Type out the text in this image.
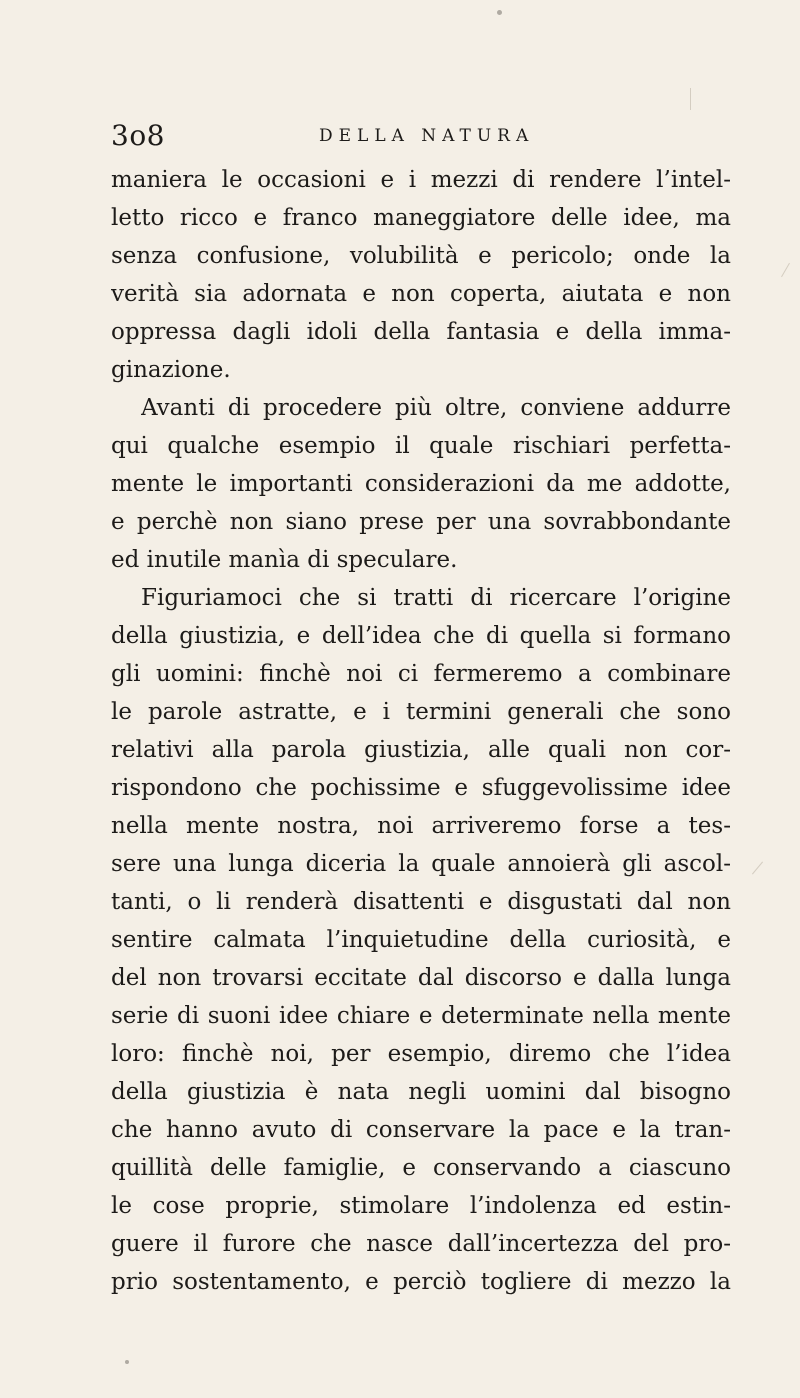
3o8	DELLA NATURA
maniera le occasioni e i mezzi di rendere l’intel-
letto ricco e franco maneggiatore delle idee, ma
senza confusione, volubilità e pericolo; onde la
verità sia adornata e non coperta, aiutata e non
oppressa dagli idoli della fantasia e della imma-
ginazione.
Avanti di procedere più oltre, conviene addurre
qui qualche esempio il quale rischiari perfetta-
mente le importanti considerazioni da me addotte,
e perchè non siano prese per una sovrabbondante
ed inutile manìa di speculare.
Figuriamoci che si tratti di ricercare l’origine
della giustizia, e dell’idea che di quella si formano
gli uomini: finchè noi ci fermeremo a combinare
le parole astratte, e i termini generali che sono
relativi alla parola giustizia, alle quali non cor-
rispondono che pochissime e sfuggevolissime idee
nella mente nostra, noi arriveremo forse a tes-
sere una lunga diceria la quale annoierà gli ascol-
tanti, o li renderà disattenti e disgustati dal non
sentire calmata l’inquietudine della curiosità, e
del non trovarsi eccitate dal discorso e dalla lunga
serie di suoni idee chiare e determinate nella mente
loro: finchè noi, per esempio, diremo che l’idea
della giustizia è nata negli uomini dal bisogno
che hanno avuto di conservare la pace e la tran-
quillità delle famiglie, e conservando a ciascuno
le cose proprie, stimolare l’indolenza ed estin-
guere il furore che nasce dall’incertezza del pro-
prio sostentamento, e perciò togliere di mezzo la
